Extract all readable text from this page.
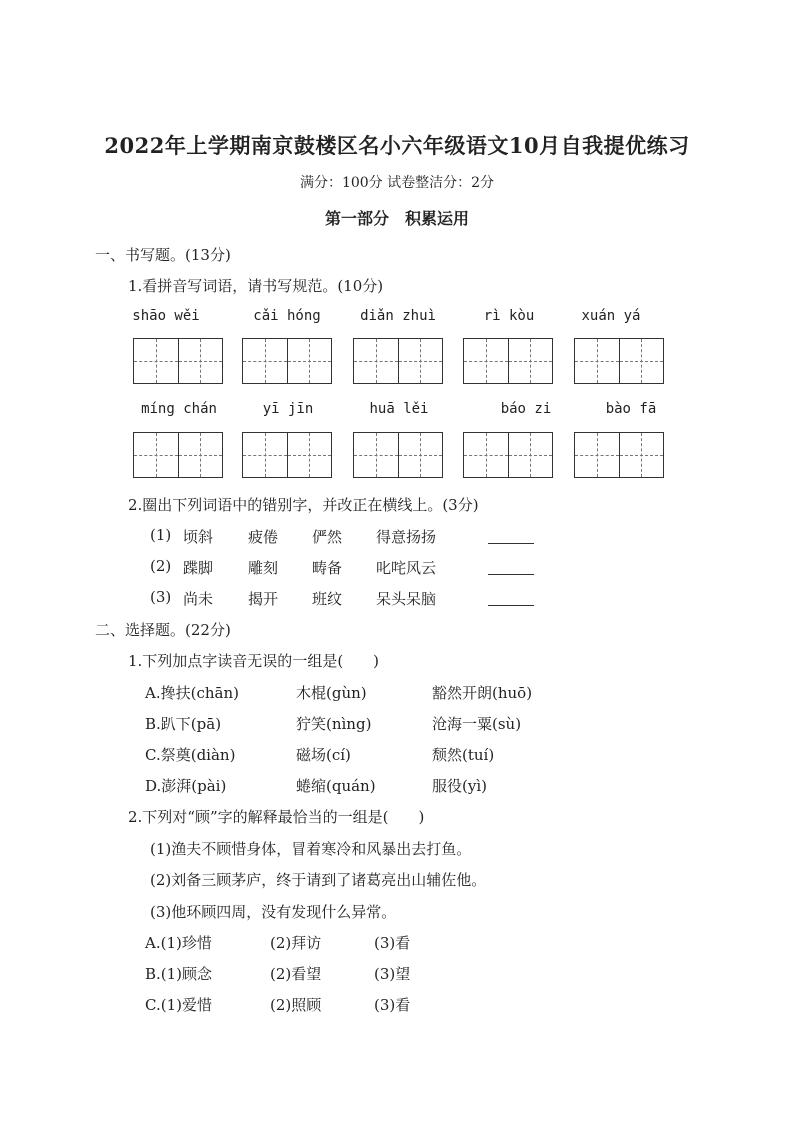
2022年上学期南京鼓楼区名小六年级语文10月自我提优练习
满分：100分 试卷整洁分：2分
第一部分　积累运用
一、书写题。(13分)
1.看拼音写词语，请书写规范。(10分)
shāo wěi	cǎi hóng	diǎn zhuì	rì kòu	xuán yá
míng chán	yī jīn	huā lěi	báo zi	bào fā
2.圈出下列词语中的错别字，并改正在横线上。(3分)
(1) 顷斜 疲倦 俨然 得意扬扬
(2) 蹀脚 雕刻 畴备 叱咤风云
(3) 尚未 揭开 班纹 呆头呆脑
二、选择题。(22分)
1.下列加点字读音无误的一组是(　　)
A.搀扶(chān)	木棍(gùn)	豁然开朗(huō)
B.趴下(pā)	狞笑(nìng)	沧海一粟(sù)
C.祭奠(diàn)	磁场(cí)	颓然(tuí)
D.澎湃(pài)	蜷缩(quán)	服役(yì)
2.下列对“顾”字的解释最恰当的一组是(　　)
(1)渔夫不顾惜身体，冒着寒冷和风暴出去打鱼。
(2)刘备三顾茅庐，终于请到了诸葛亮出山辅佐他。
(3)他环顾四周，没有发现什么异常。
A.(1)珍惜	(2)拜访	(3)看
B.(1)顾念	(2)看望	(3)望
C.(1)爱惜	(2)照顾	(3)看
